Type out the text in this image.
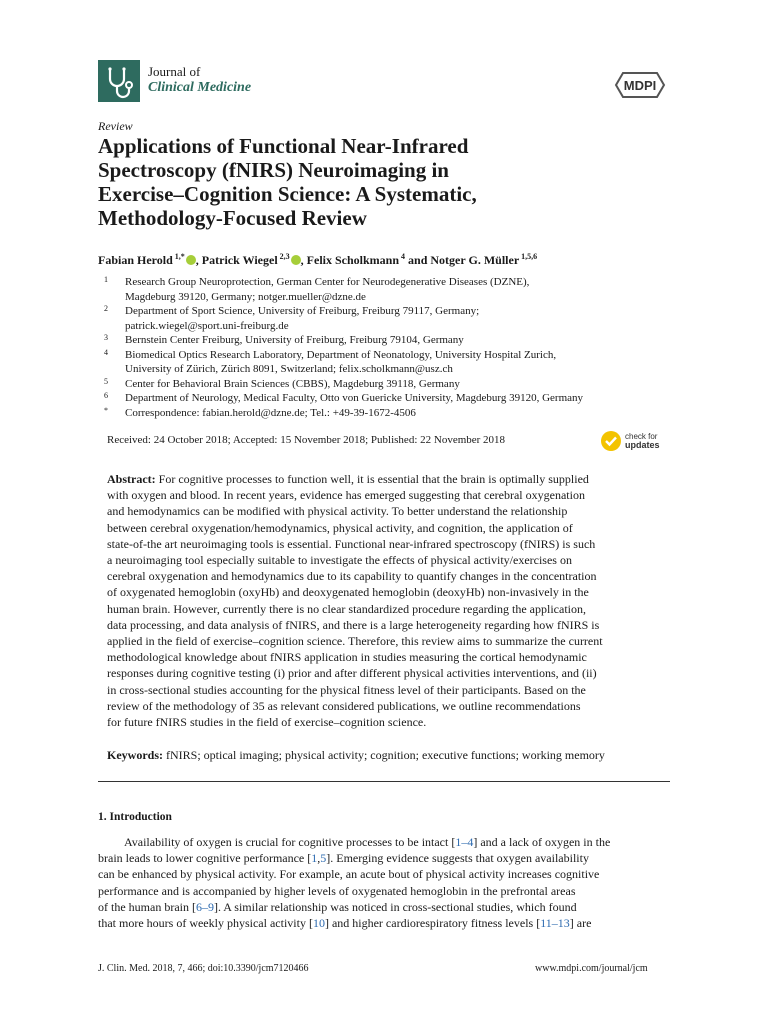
Journal of
Clinical Medicine	MDPI
Review
Applications of Functional Near-Infrared
Spectroscopy (fNIRS) Neuroimaging in
Exercise–Cognition Science: A Systematic,
Methodology-Focused Review
Fabian Herold $^{1,*}$ , Patrick Wiegel $^{2,3}$ , Felix Scholkmann $^4$ and Notger G. Müller $^{1,5,6}$
1 Research Group Neuroprotection, German Center for Neurodegenerative Diseases (DZNE),
Magdeburg 39120, Germany; notger.mueller@dzne.de
2 Department of Sport Science, University of Freiburg, Freiburg 79117, Germany;
patrick.wiegel@sport.uni-freiburg.de
3 Bernstein Center Freiburg, University of Freiburg, Freiburg 79104, Germany
4 Biomedical Optics Research Laboratory, Department of Neonatology, University Hospital Zurich,
University of Zürich, Zürich 8091, Switzerland; felix.scholkmann@usz.ch
5 Center for Behavioral Brain Sciences (CBBS), Magdeburg 39118, Germany
6 Department of Neurology, Medical Faculty, Otto von Guericke University, Magdeburg 39120, Germany
* Correspondence: fabian.herold@dzne.de; Tel.: +49-39-1672-4506
Received: 24 October 2018; Accepted: 15 November 2018; Published: 22 November 2018	check for
updates
Abstract: For cognitive processes to function well, it is essential that the brain is optimally supplied
with oxygen and blood. In recent years, evidence has emerged suggesting that cerebral oxygenation
and hemodynamics can be modified with physical activity. To better understand the relationship
between cerebral oxygenation/hemodynamics, physical activity, and cognition, the application of
state-of-the art neuroimaging tools is essential. Functional near-infrared spectroscopy (fNIRS) is such
a neuroimaging tool especially suitable to investigate the effects of physical activity/exercises on
cerebral oxygenation and hemodynamics due to its capability to quantify changes in the concentration
of oxygenated hemoglobin (oxyHb) and deoxygenated hemoglobin (deoxyHb) non-invasively in the
human brain. However, currently there is no clear standardized procedure regarding the application,
data processing, and data analysis of fNIRS, and there is a large heterogeneity regarding how fNIRS is
applied in the field of exercise–cognition science. Therefore, this review aims to summarize the current
methodological knowledge about fNIRS application in studies measuring the cortical hemodynamic
responses during cognitive testing (i) prior and after different physical activities interventions, and (ii)
in cross-sectional studies accounting for the physical fitness level of their participants. Based on the
review of the methodology of 35 as relevant considered publications, we outline recommendations
for future fNIRS studies in the field of exercise–cognition science.
Keywords: fNIRS; optical imaging; physical activity; cognition; executive functions; working memory
1. Introduction
Availability of oxygen is crucial for cognitive processes to be intact [1–4] and a lack of oxygen in the
brain leads to lower cognitive performance [1,5]. Emerging evidence suggests that oxygen availability
can be enhanced by physical activity. For example, an acute bout of physical activity increases cognitive
performance and is accompanied by higher levels of oxygenated hemoglobin in the prefrontal areas
of the human brain [6–9]. A similar relationship was noticed in cross-sectional studies, which found
that more hours of weekly physical activity [10] and higher cardiorespiratory fitness levels [11–13] are
J. Clin. Med. 2018, 7, 466; doi:10.3390/jcm7120466	www.mdpi.com/journal/jcm
